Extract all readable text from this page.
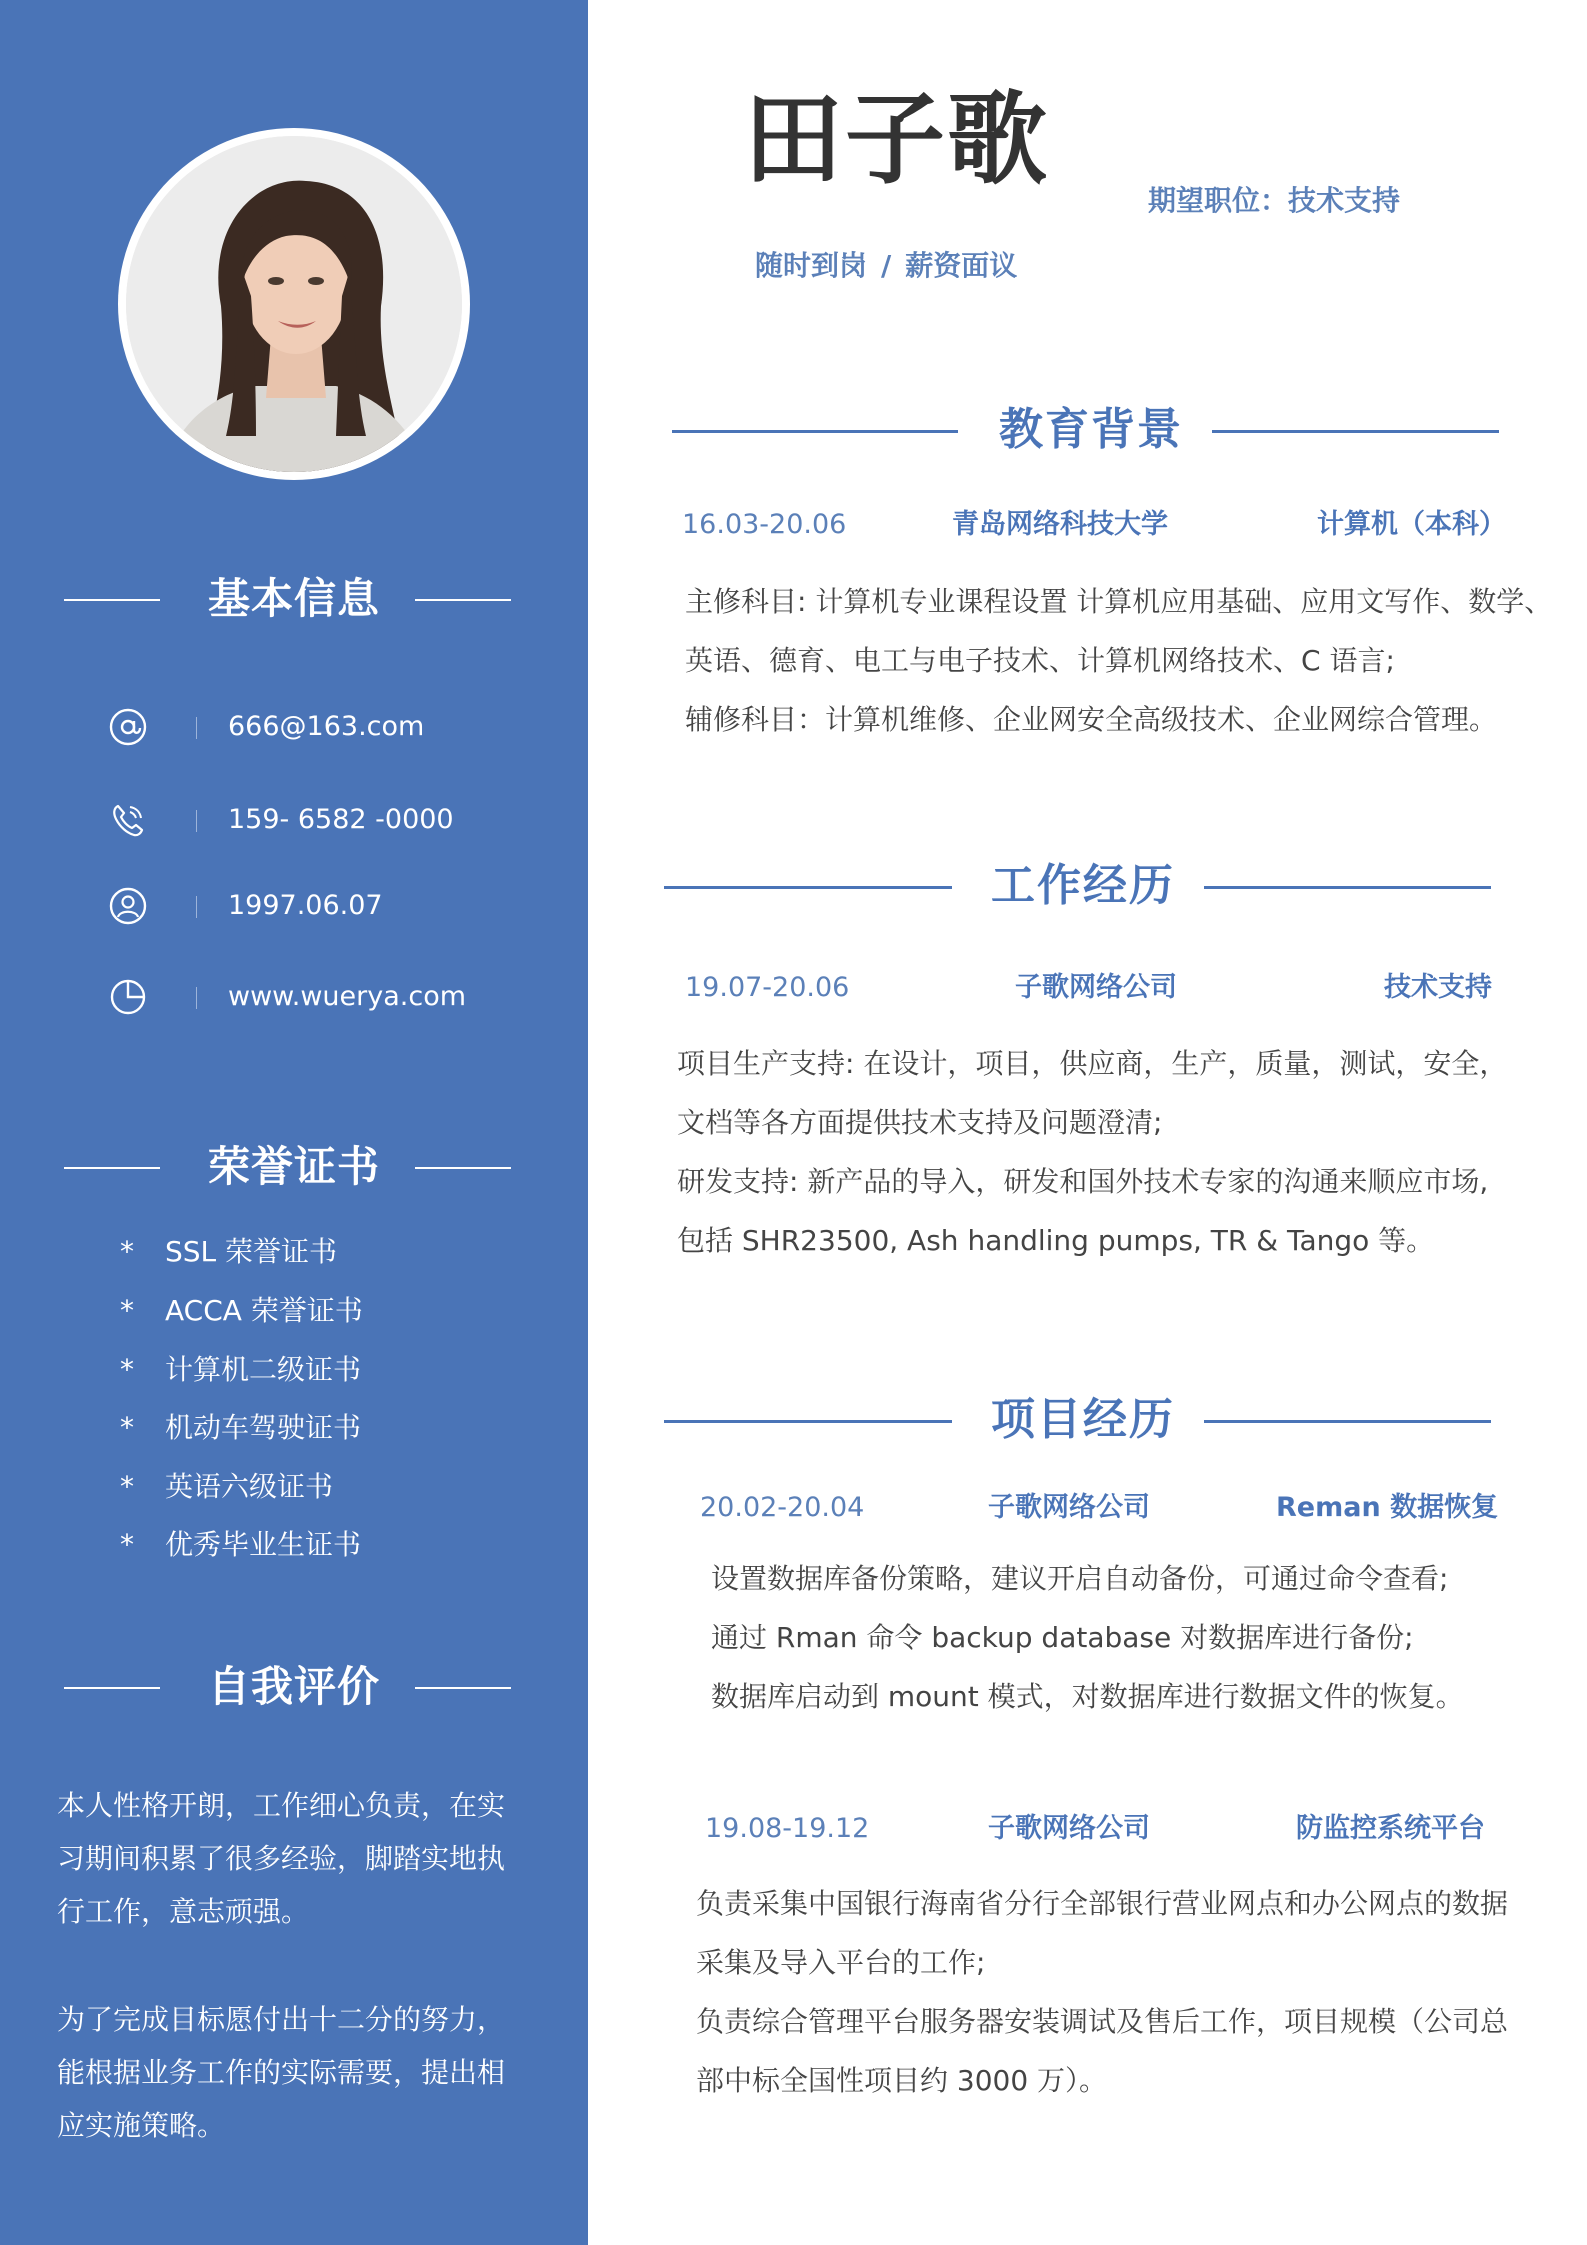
基本信息
666@163.com
159- 6582 -0000
1997.06.07
www.wuerya.com
荣誉证书
*	SSL 荣誉证书
*	ACCA 荣誉证书
*	计算机二级证书
*	机动车驾驶证书
*	英语六级证书
*	优秀毕业生证书
自我评价
本人性格开朗，工作细心负责，在实
习期间积累了很多经验，脚踏实地执
行工作，意志顽强。
为了完成目标愿付出十二分的努力，
能根据业务工作的实际需要，提出相
应实施策略。
田子歌
期望职位：技术支持
随时到岗 / 薪资面议
教育背景
16.03-20.06	青岛网络科技大学	计算机（本科）
主修科目: 计算机专业课程设置 计算机应用基础、应用文写作、数学、
英语、德育、电工与电子技术、计算机网络技术、C 语言;
辅修科目：计算机维修、企业网安全高级技术、企业网综合管理。
工作经历
19.07-20.06	子歌网络公司	技术支持
项目生产支持: 在设计，项目，供应商，生产，质量，测试，安全，
文档等各方面提供技术支持及问题澄清;
研发支持: 新产品的导入，研发和国外技术专家的沟通来顺应市场,
包括 SHR23500, Ash handling pumps, TR & Tango 等。
项目经历
20.02-20.04	子歌网络公司	Reman 数据恢复
设置数据库备份策略，建议开启自动备份，可通过命令查看;
通过 Rman 命令 backup database 对数据库进行备份;
数据库启动到 mount 模式，对数据库进行数据文件的恢复。
19.08-19.12	子歌网络公司	防监控系统平台
负责采集中国银行海南省分行全部银行营业网点和办公网点的数据
采集及导入平台的工作;
负责综合管理平台服务器安装调试及售后工作，项目规模（公司总
部中标全国性项目约 3000 万）。
